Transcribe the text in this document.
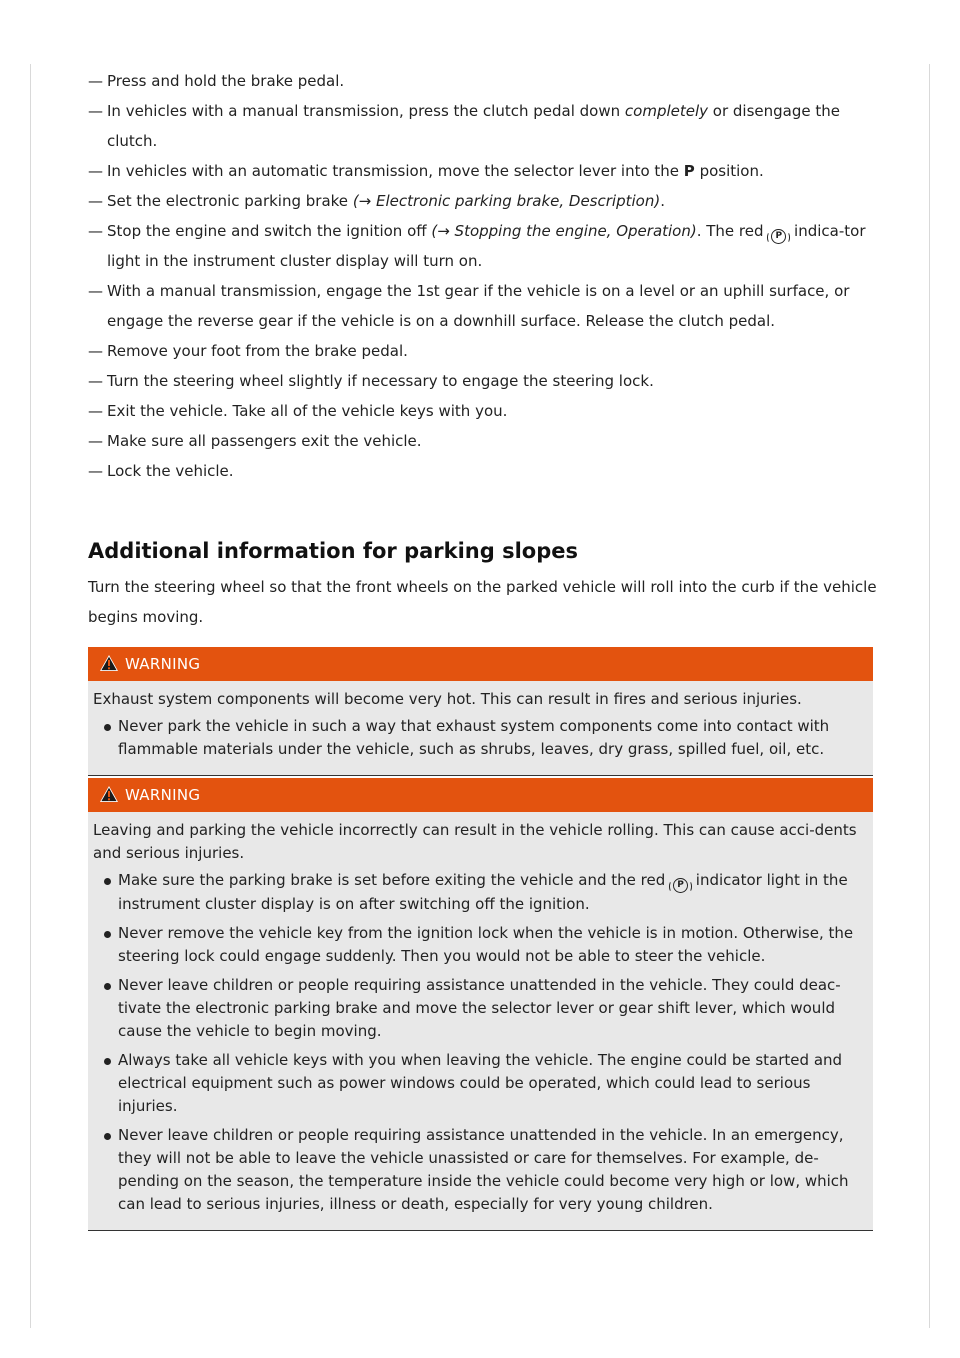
— Press and hold the brake pedal.
— In vehicles with a manual transmission, press the clutch pedal down completely or disengage the clutch.
— In vehicles with an automatic transmission, move the selector lever into the P position.
— Set the electronic parking brake (→ Electronic parking brake, Description).
— Stop the engine and switch the ignition off (→ Stopping the engine, Operation). The red P indica-tor light in the instrument cluster display will turn on.
— With a manual transmission, engage the 1st gear if the vehicle is on a level or an uphill surface, or engage the reverse gear if the vehicle is on a downhill surface. Release the clutch pedal.
— Remove your foot from the brake pedal.
— Turn the steering wheel slightly if necessary to engage the steering lock.
— Exit the vehicle. Take all of the vehicle keys with you.
— Make sure all passengers exit the vehicle.
— Lock the vehicle.
Additional information for parking slopes

Turn the steering wheel so that the front wheels on the parked vehicle will roll into the curb if the vehicle begins moving.

WARNING

Exhaust system components will become very hot. This can result in fires and serious injuries.

Never park the vehicle in such a way that exhaust system components come into contact with flammable materials under the vehicle, such as shrubs, leaves, dry grass, spilled fuel, oil, etc.
WARNING

Leaving and parking the vehicle incorrectly can result in the vehicle rolling. This can cause acci-dents and serious injuries.

Make sure the parking brake is set before exiting the vehicle and the red P indicator light in the instrument cluster display is on after switching off the ignition.
Never remove the vehicle key from the ignition lock when the vehicle is in motion. Otherwise, the steering lock could engage suddenly. Then you would not be able to steer the vehicle.
Never leave children or people requiring assistance unattended in the vehicle. They could deac-tivate the electronic parking brake and move the selector lever or gear shift lever, which would cause the vehicle to begin moving.
Always take all vehicle keys with you when leaving the vehicle. The engine could be started and electrical equipment such as power windows could be operated, which could lead to serious injuries.
Never leave children or people requiring assistance unattended in the vehicle. In an emergency, they will not be able to leave the vehicle unassisted or care for themselves. For example, de-pending on the season, the temperature inside the vehicle could become very high or low, which can lead to serious injuries, illness or death, especially for very young children.
